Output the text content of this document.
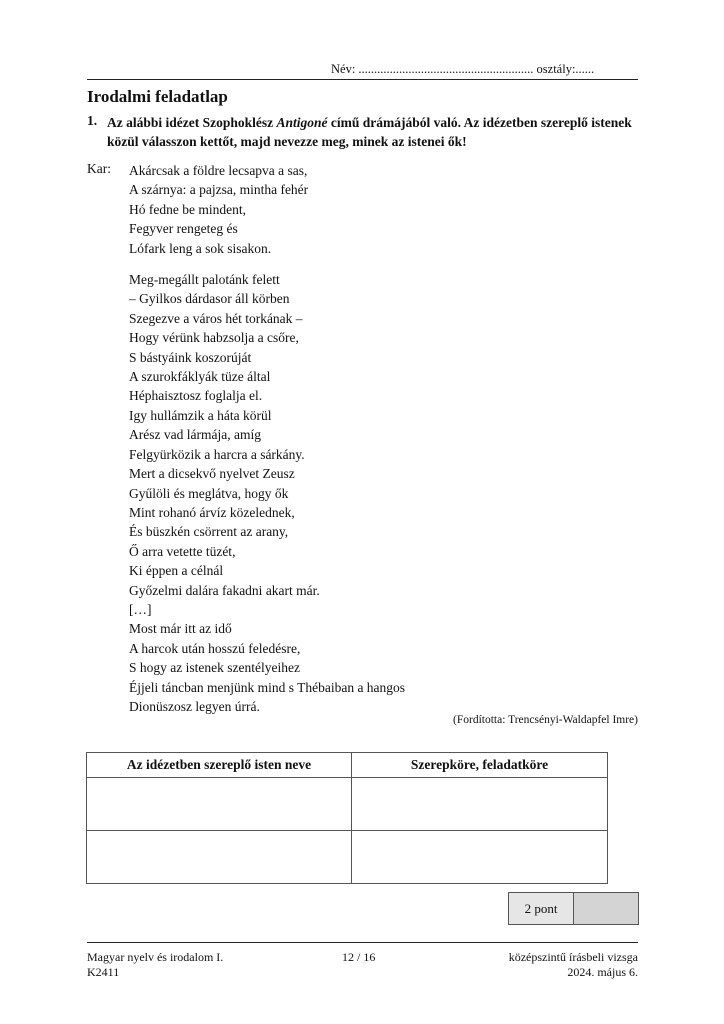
Név: ........................................................ osztály:......
Irodalmi feladatlap
1. Az alábbi idézet Szophoklész Antigoné című drámájából való. Az idézetben szereplő istenek közül válasszon kettőt, majd nevezze meg, minek az istenei ők!
Kar: Akárcsak a földre lecsapva a sas,
A szárnya: a pajzsa, mintha fehér
Hó fedne be mindent,
Fegyver rengeteg és
Lófark leng a sok sisakon.
Meg-megállt palotánk felett
– Gyilkos dárdasor áll körben
Szegezve a város hét torkának –
Hogy vérünk habzsolja a csőre,
S bástyáink koszorúját
A szurokfáklyák tüze által
Héphaisztosz foglalja el.
Igy hullámzik a háta körül
Arész vad lármája, amíg
Felgyürközik a harcra a sárkány.
Mert a dicsekvő nyelvet Zeusz
Gyűlöli és meglátva, hogy ők
Mint rohanó árvíz közelednek,
És büszkén csörrent az arany,
Ő arra vetette tüzét,
Ki éppen a célnál
Győzelmi dalára fakadni akart már.
[…]
Most már itt az idő
A harcok után hosszú feledésre,
S hogy az istenek szentélyeihez
Éjjeli táncban menjünk mind s Thébaiban a hangos
Dionüszosz legyen úrrá.
(Fordította: Trencsényi-Waldapfel Imre)
Az idézetben szereplő isten neve	Szerepköre, feladatköre

2 pont
Magyar nyelv és irodalom I.
K2411
12 / 16	középszintű írásbeli vizsga
2024. május 6.
